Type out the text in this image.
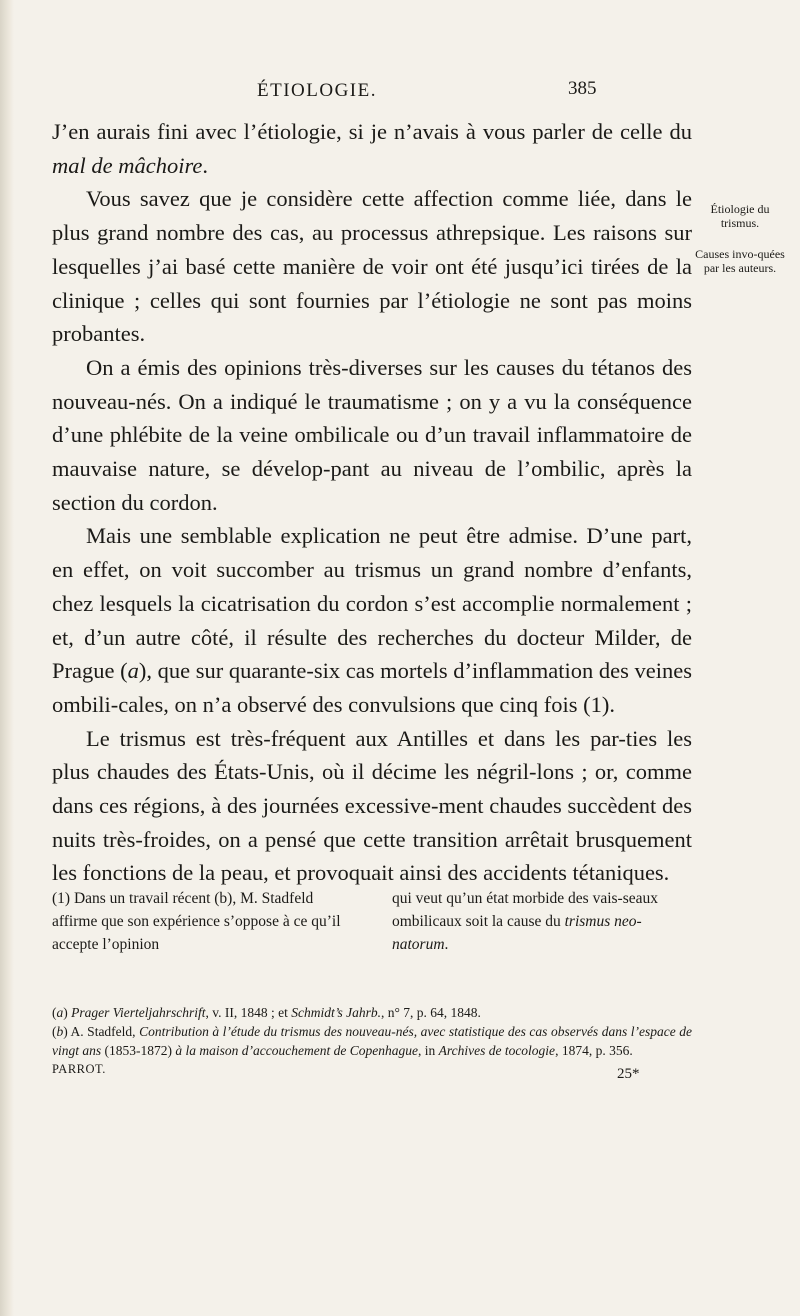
ÉTIOLOGIE.	385

J’en aurais fini avec l’étiologie, si je n’avais à vous parler de celle du mal de mâchoire.

Vous savez que je considère cette affection comme liée, dans le plus grand nombre des cas, au processus athrepsique. Les raisons sur lesquelles j’ai basé cette manière de voir ont été jusqu’ici tirées de la clinique ; celles qui sont fournies par l’étiologie ne sont pas moins probantes.

On a émis des opinions très-diverses sur les causes du tétanos des nouveau-nés. On a indiqué le traumatisme ; on y a vu la conséquence d’une phlébite de la veine ombilicale ou d’un travail inflammatoire de mauvaise nature, se dévelop-pant au niveau de l’ombilic, après la section du cordon.

Mais une semblable explication ne peut être admise. D’une part, en effet, on voit succomber au trismus un grand nombre d’enfants, chez lesquels la cicatrisation du cordon s’est accomplie normalement ; et, d’un autre côté, il résulte des recherches du docteur Milder, de Prague (a), que sur quarante-six cas mortels d’inflammation des veines ombili-cales, on n’a observé des convulsions que cinq fois (1).

Le trismus est très-fréquent aux Antilles et dans les par-ties les plus chaudes des États-Unis, où il décime les négril-lons ; or, comme dans ces régions, à des journées excessive-ment chaudes succèdent des nuits très-froides, on a pensé que cette transition arrêtait brusquement les fonctions de la peau, et provoquait ainsi des accidents tétaniques.

Étiologie du trismus.
Causes invo-quées par les auteurs.
(1) Dans un travail récent (b), M. Stadfeld affirme que son expérience s’oppose à ce qu’il accepte l’opinion
qui veut qu’un état morbide des vais-seaux ombilicaux soit la cause du trismus neo-natorum.

(a) Prager Vierteljahrschrift, v. II, 1848 ; et Schmidt’s Jahrb., n° 7, p. 64, 1848.

(b) A. Stadfeld, Contribution à l’étude du trismus des nouveau-nés, avec statistique des cas observés dans l’espace de vingt ans (1853-1872) à la maison d’accouchement de Copenhague, in Archives de tocologie, 1874, p. 356.

PARROT.	25*
